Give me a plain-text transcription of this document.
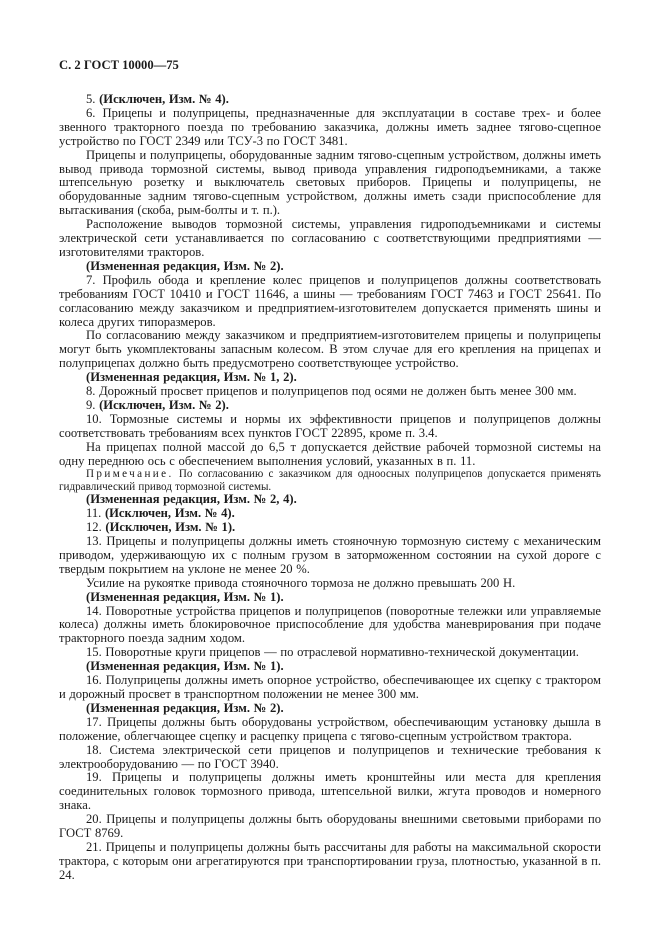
С. 2 ГОСТ 10000—75

5. (Исключен, Изм. № 4).

6. Прицепы и полуприцепы, предназначенные для эксплуатации в составе трех- и более звенного тракторного поезда по требованию заказчика, должны иметь заднее тягово-сцепное устройство по ГОСТ 2349 или ТСУ-3 по ГОСТ 3481.

Прицепы и полуприцепы, оборудованные задним тягово-сцепным устройством, должны иметь вывод привода тормозной системы, вывод привода управления гидроподъемниками, а также штепсельную розетку и выключатель световых приборов. Прицепы и полуприцепы, не оборудованные задним тягово-сцепным устройством, должны иметь сзади приспособление для вытаскивания (скоба, рым-болты и т. п.).

Расположение выводов тормозной системы, управления гидроподъемниками и системы электрической сети устанавливается по согласованию с соответствующими предприятиями — изготовителями тракторов.

(Измененная редакция, Изм. № 2).

7. Профиль обода и крепление колес прицепов и полуприцепов должны соответствовать требованиям ГОСТ 10410 и ГОСТ 11646, а шины — требованиям ГОСТ 7463 и ГОСТ 25641. По согласованию между заказчиком и предприятием-изготовителем допускается применять шины и колеса других типоразмеров.

По согласованию между заказчиком и предприятием-изготовителем прицепы и полуприцепы могут быть укомплектованы запасным колесом. В этом случае для его крепления на прицепах и полуприцепах должно быть предусмотрено соответствующее устройство.

(Измененная редакция, Изм. № 1, 2).

8. Дорожный просвет прицепов и полуприцепов под осями не должен быть менее 300 мм.

9. (Исключен, Изм. № 2).

10. Тормозные системы и нормы их эффективности прицепов и полуприцепов должны соответствовать требованиям всех пунктов ГОСТ 22895, кроме п. 3.4.

На прицепах полной массой до 6,5 т допускается действие рабочей тормозной системы на одну переднюю ось с обеспечением выполнения условий, указанных в п. 11.

Примечание. По согласованию с заказчиком для одноосных полуприцепов допускается применять гидравлический привод тормозной системы.

(Измененная редакция, Изм. № 2, 4).

11. (Исключен, Изм. № 4).

12. (Исключен, Изм. № 1).

13. Прицепы и полуприцепы должны иметь стояночную тормозную систему с механическим приводом, удерживающую их с полным грузом в заторможенном состоянии на сухой дороге с твердым покрытием на уклоне не менее 20 %.

Усилие на рукоятке привода стояночного тормоза не должно превышать 200 Н.

(Измененная редакция, Изм. № 1).

14. Поворотные устройства прицепов и полуприцепов (поворотные тележки или управляемые колеса) должны иметь блокировочное приспособление для удобства маневрирования при подаче тракторного поезда задним ходом.

15. Поворотные круги прицепов — по отраслевой нормативно-технической документации.

(Измененная редакция, Изм. № 1).

16. Полуприцепы должны иметь опорное устройство, обеспечивающее их сцепку с трактором и дорожный просвет в транспортном положении не менее 300 мм.

(Измененная редакция, Изм. № 2).

17. Прицепы должны быть оборудованы устройством, обеспечивающим установку дышла в положение, облегчающее сцепку и расцепку прицепа с тягово-сцепным устройством трактора.

18. Система электрической сети прицепов и полуприцепов и технические требования к электрооборудованию — по ГОСТ 3940.

19. Прицепы и полуприцепы должны иметь кронштейны или места для крепления соединительных головок тормозного привода, штепсельной вилки, жгута проводов и номерного знака.

20. Прицепы и полуприцепы должны быть оборудованы внешними световыми приборами по ГОСТ 8769.

21. Прицепы и полуприцепы должны быть рассчитаны для работы на максимальной скорости трактора, с которым они агрегатируются при транспортировании груза, плотностью, указанной в п. 24.
